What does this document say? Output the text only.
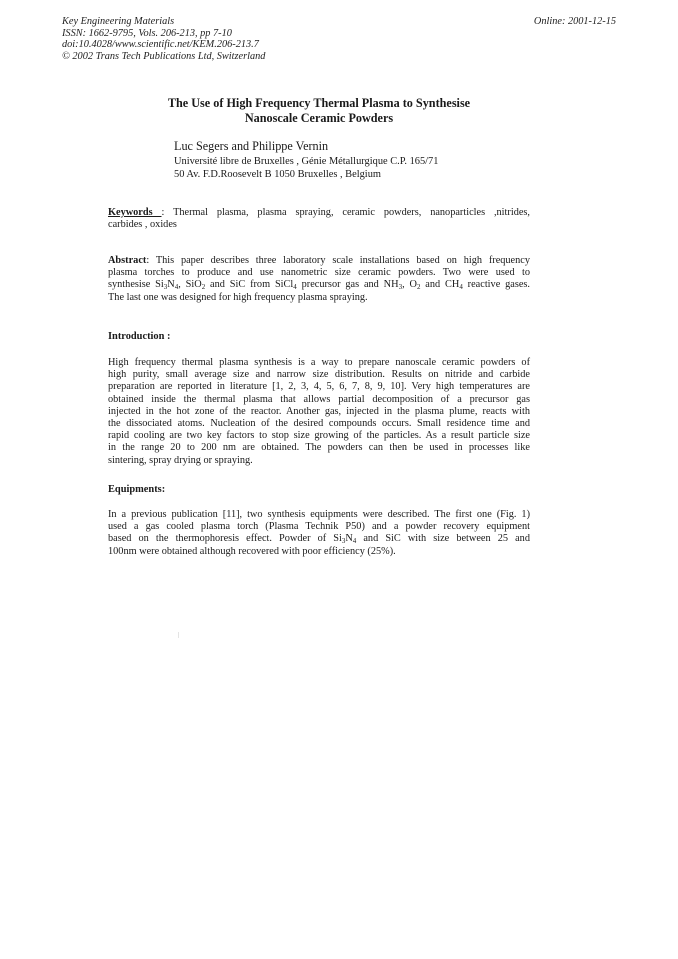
Key Engineering Materials
ISSN: 1662-9795, Vols. 206-213, pp 7-10
doi:10.4028/www.scientific.net/KEM.206-213.7
© 2002 Trans Tech Publications Ltd, Switzerland
Online: 2001-12-15
The Use of High Frequency Thermal Plasma to Synthesise
Nanoscale Ceramic Powders
Luc Segers and Philippe Vernin
Université libre de Bruxelles , Génie Métallurgique C.P. 165/71
50 Av. F.D.Roosevelt B 1050 Bruxelles , Belgium
Keywords : Thermal plasma, plasma spraying, ceramic powders, nanoparticles ,nitrides,
carbides , oxides
Abstract: This paper describes three laboratory scale installations based on high frequency
plasma torches to produce and use nanometric size ceramic powders. Two were used to
synthesise $Si_3N_4$, SiO$_2$ and SiC from SiCl$_4$ precursor gas and $NH_3$, $O_2$ and $CH_4$ reactive gases.
The last one was designed for high frequency plasma spraying.
Introduction :
High frequency thermal plasma synthesis is a way to prepare nanoscale ceramic powders of
high purity, small average size and narrow size distribution. Results on nitride and carbide
preparation are reported in literature [1, 2, 3, 4, 5, 6, 7, 8, 9, 10]. Very high temperatures are
obtained inside the thermal plasma that allows partial decomposition of a precursor gas
injected in the hot zone of the reactor. Another gas, injected in the plasma plume, reacts with
the dissociated atoms. Nucleation of the desired compounds occurs. Small residence time and
rapid cooling are two key factors to stop size growing of the particles. As a result particle size
in the range 20 to 200 nm are obtained. The powders can then be used in processes like
sintering, spray drying or spraying.
Equipments:
In a previous publication [11], two synthesis equipments were described. The first one (Fig. 1)
used a gas cooled plasma torch (Plasma Technik P50) and a powder recovery equipment
based on the thermophoresis effect. Powder of $Si_3N_4$ and SiC with size between 25 and
100nm were obtained although recovered with poor efficiency (25%).
